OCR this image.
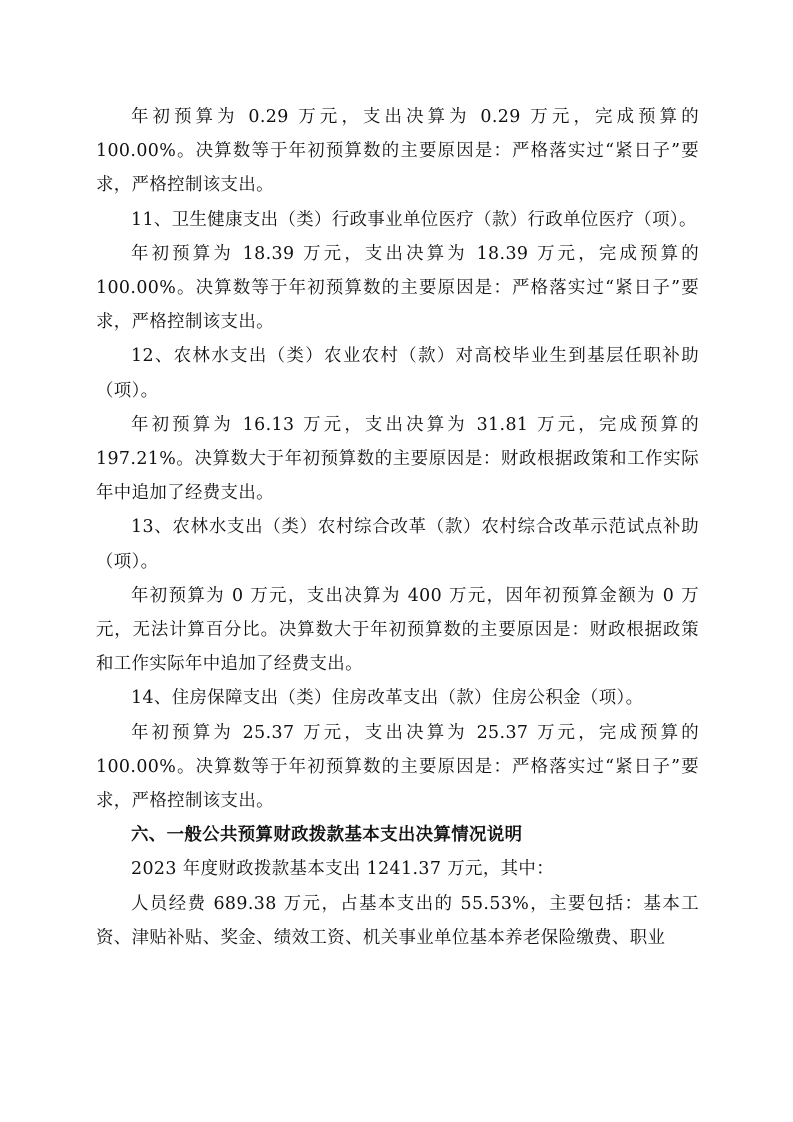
年初预算为 0.29 万元，支出决算为 0.29 万元，完成预算的100.00%。决算数等于年初预算数的主要原因是：严格落实过“紧日子”要求，严格控制该支出。

11、卫生健康支出（类）行政事业单位医疗（款）行政单位医疗（项）。

年初预算为 18.39 万元，支出决算为 18.39 万元，完成预算的100.00%。决算数等于年初预算数的主要原因是：严格落实过“紧日子”要求，严格控制该支出。

12、农林水支出（类）农业农村（款）对高校毕业生到基层任职补助（项）。

年初预算为 16.13 万元，支出决算为 31.81 万元，完成预算的197.21%。决算数大于年初预算数的主要原因是：财政根据政策和工作实际年中追加了经费支出。

13、农林水支出（类）农村综合改革（款）农村综合改革示范试点补助（项）。

年初预算为 0 万元，支出决算为 400 万元，因年初预算金额为 0 万元，无法计算百分比。决算数大于年初预算数的主要原因是：财政根据政策和工作实际年中追加了经费支出。

14、住房保障支出（类）住房改革支出（款）住房公积金（项）。

年初预算为 25.37 万元，支出决算为 25.37 万元，完成预算的100.00%。决算数等于年初预算数的主要原因是：严格落实过“紧日子”要求，严格控制该支出。

六、一般公共预算财政拨款基本支出决算情况说明

2023 年度财政拨款基本支出 1241.37 万元，其中：

人员经费 689.38 万元，占基本支出的 55.53%，主要包括：基本工资、津贴补贴、奖金、绩效工资、机关事业单位基本养老保险缴费、职业
